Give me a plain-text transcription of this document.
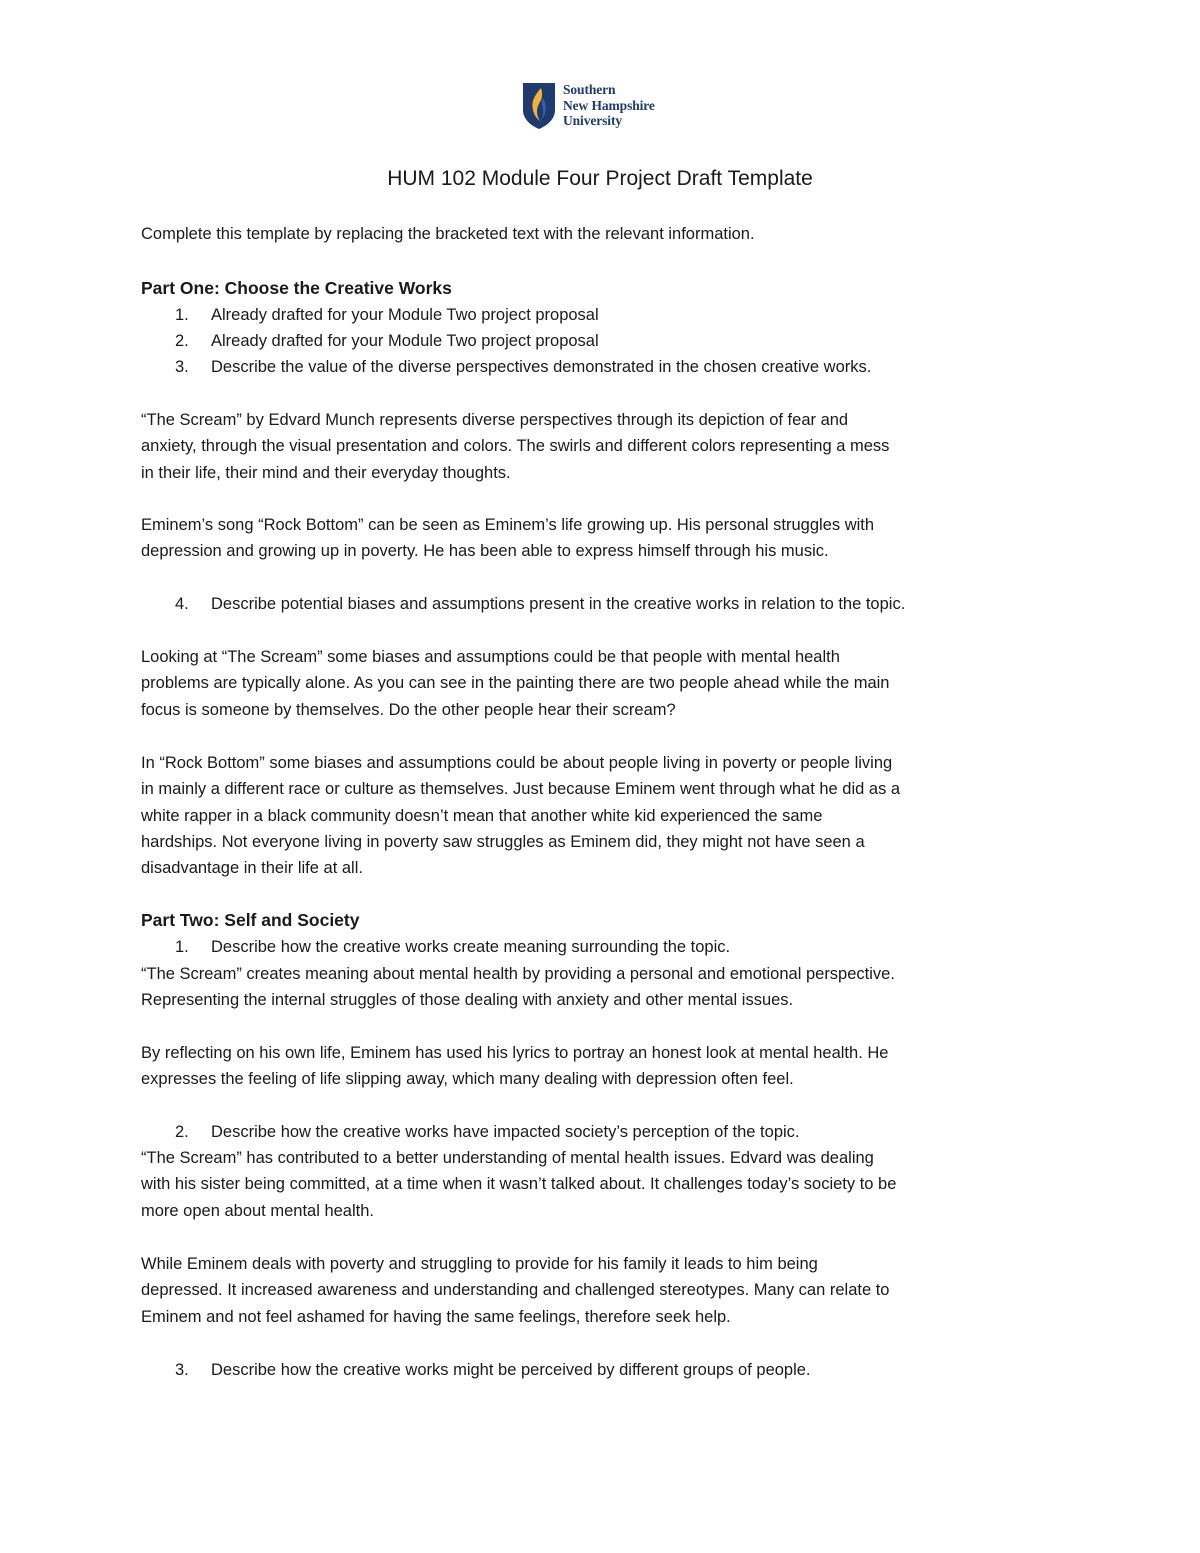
Southern
New Hampshire
University
HUM 102 Module Four Project Draft Template

Complete this template by replacing the bracketed text with the relevant information.

Part One: Choose the Creative Works
1.	Already drafted for your Module Two project proposal
2.	Already drafted for your Module Two project proposal
3.	Describe the value of the diverse perspectives demonstrated in the chosen creative works.

“The Scream” by Edvard Munch represents diverse perspectives through its depiction of fear and
anxiety, through the visual presentation and colors. The swirls and different colors representing a mess
in their life, their mind and their everyday thoughts.

Eminem’s song “Rock Bottom” can be seen as Eminem’s life growing up. His personal struggles with
depression and growing up in poverty. He has been able to express himself through his music.

4.	Describe potential biases and assumptions present in the creative works in relation to the topic.

Looking at “The Scream” some biases and assumptions could be that people with mental health
problems are typically alone. As you can see in the painting there are two people ahead while the main
focus is someone by themselves. Do the other people hear their scream?

In “Rock Bottom” some biases and assumptions could be about people living in poverty or people living
in mainly a different race or culture as themselves. Just because Eminem went through what he did as a
white rapper in a black community doesn’t mean that another white kid experienced the same
hardships. Not everyone living in poverty saw struggles as Eminem did, they might not have seen a
disadvantage in their life at all.

Part Two: Self and Society
1.	Describe how the creative works create meaning surrounding the topic.

“The Scream” creates meaning about mental health by providing a personal and emotional perspective.
Representing the internal struggles of those dealing with anxiety and other mental issues.

By reflecting on his own life, Eminem has used his lyrics to portray an honest look at mental health. He
expresses the feeling of life slipping away, which many dealing with depression often feel.

2.	Describe how the creative works have impacted society’s perception of the topic.

“The Scream” has contributed to a better understanding of mental health issues. Edvard was dealing
with his sister being committed, at a time when it wasn’t talked about. It challenges today’s society to be
more open about mental health.

While Eminem deals with poverty and struggling to provide for his family it leads to him being
depressed. It increased awareness and understanding and challenged stereotypes. Many can relate to
Eminem and not feel ashamed for having the same feelings, therefore seek help.

3.	Describe how the creative works might be perceived by different groups of people.
